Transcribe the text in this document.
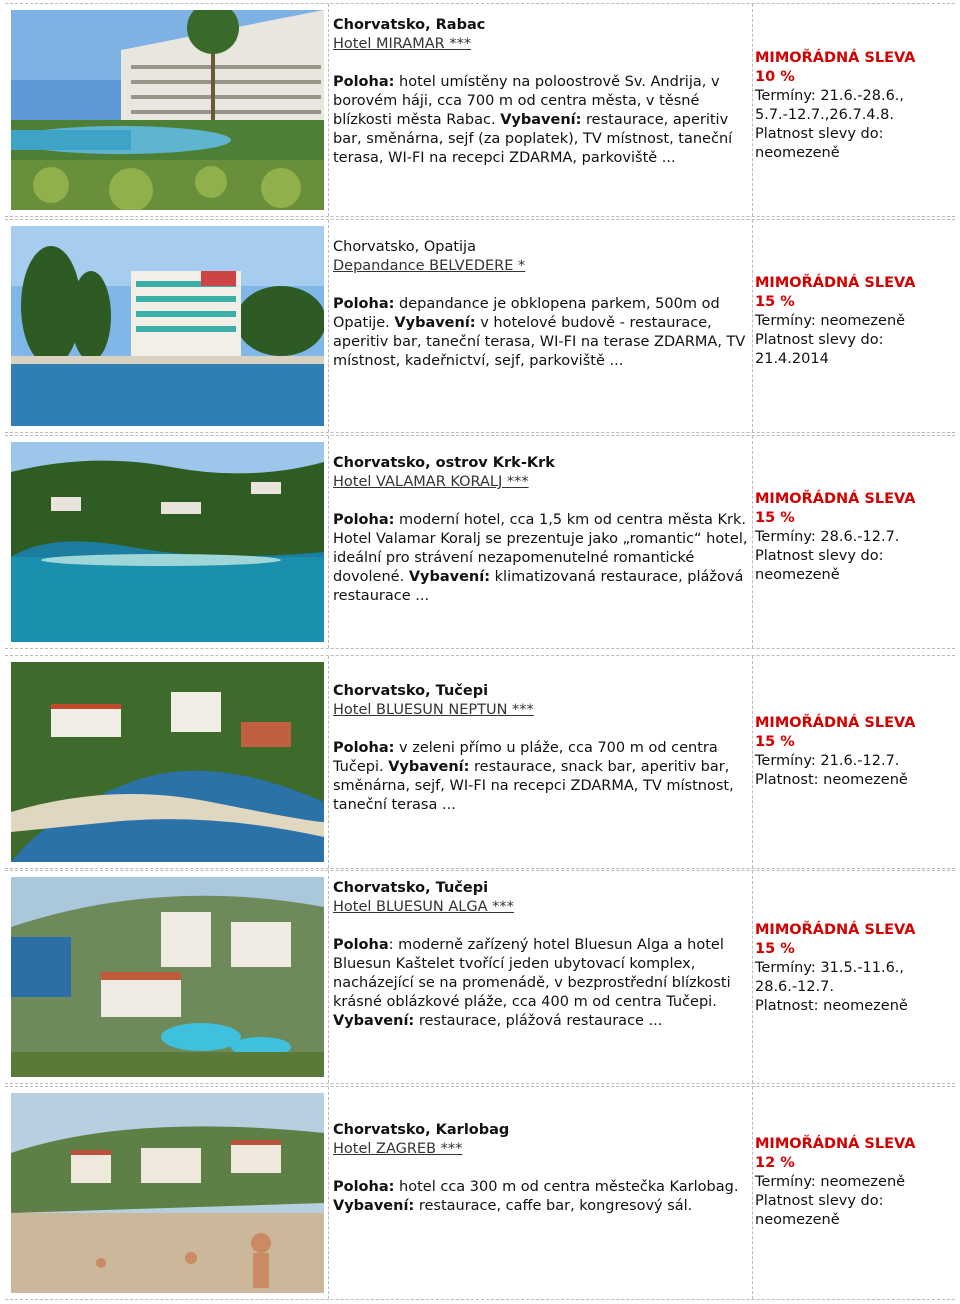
Chorvatsko, Rabac
Hotel MIRAMAR ***
Poloha: hotel umístěny na poloostrově Sv. Andrija, v borovém háji, cca 700 m od centra města, v těsné blízkosti města Rabac. Vybavení: restaurace, aperitiv bar, směnárna, sejf (za poplatek), TV místnost, taneční terasa, WI-FI na recepci ZDARMA, parkoviště ...
MIMOŘÁDNÁ SLEVA
10 %
Termíny: 21.6.-28.6., 5.7.-12.7.,26.7.4.8.
Platnost slevy do: neomezeně
Chorvatsko, Opatija
Depandance BELVEDERE *
Poloha: depandance je obklopena parkem, 500m od Opatije. Vybavení: v hotelové budově - restaurace, aperitiv bar, taneční terasa, WI-FI na terase ZDARMA, TV místnost, kadeřnictví, sejf, parkoviště ...
MIMOŘÁDNÁ SLEVA
15 %
Termíny: neomezeně
Platnost slevy do: 21.4.2014
Chorvatsko, ostrov Krk-Krk
Hotel VALAMAR KORALJ ***
Poloha: moderní hotel, cca 1,5 km od centra města Krk. Hotel Valamar Koralj se prezentuje jako „romantic“ hotel, ideální pro strávení nezapomenutelné romantické dovolené. Vybavení: klimatizovaná restaurace, plážová restaurace ...
MIMOŘÁDNÁ SLEVA
15 %
Termíny: 28.6.-12.7.
Platnost slevy do: neomezeně
Chorvatsko, Tučepi
Hotel BLUESUN NEPTUN ***
Poloha: v zeleni přímo u pláže, cca 700 m od centra Tučepi. Vybavení: restaurace, snack bar, aperitiv bar, směnárna, sejf, WI-FI na recepci ZDARMA, TV místnost, taneční terasa ...
MIMOŘÁDNÁ SLEVA
15 %
Termíny: 21.6.-12.7.
Platnost: neomezeně
Chorvatsko, Tučepi
Hotel BLUESUN ALGA ***
Poloha: moderně zařízený hotel Bluesun Alga a hotel Bluesun Kaštelet tvořící jeden ubytovací komplex, nacházející se na promenádě, v bezprostřední blízkosti krásné oblázkové pláže, cca 400 m od centra Tučepi. Vybavení: restaurace, plážová restaurace ...
MIMOŘÁDNÁ SLEVA
15 %
Termíny: 31.5.-11.6., 28.6.-12.7.
Platnost: neomezeně
Chorvatsko, Karlobag
Hotel ZAGREB ***
Poloha: hotel cca 300 m od centra městečka Karlobag. Vybavení: restaurace, caffe bar, kongresový sál.
MIMOŘÁDNÁ SLEVA
12 %
Termíny: neomezeně
Platnost slevy do: neomezeně
